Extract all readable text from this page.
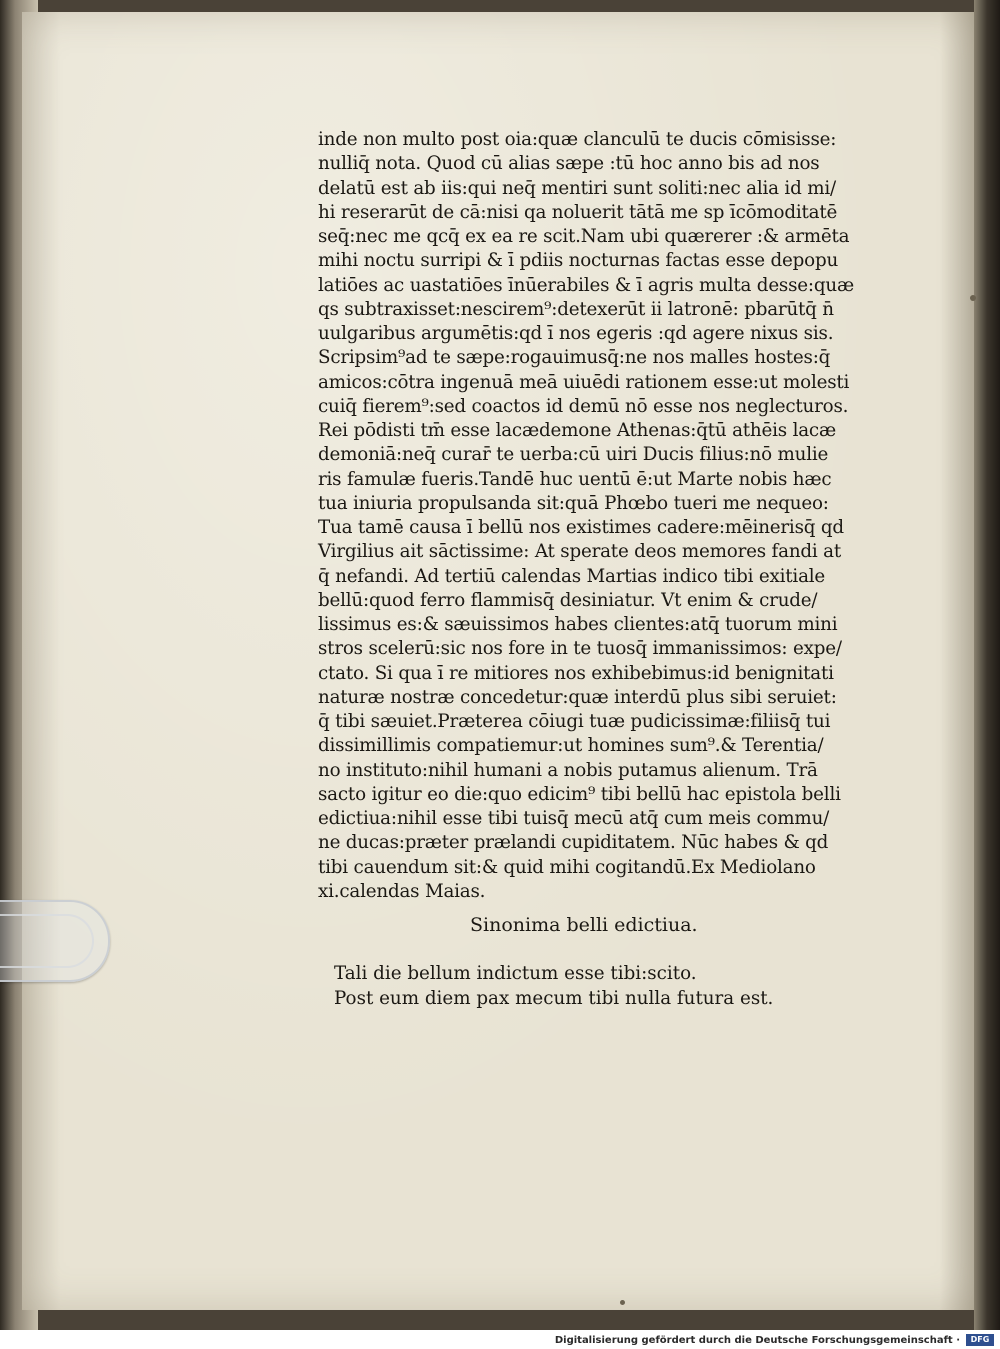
inde non multo post oia:quæ clanculū te ducis cōmisisse:
nulliq̄ nota. Quod cū alias sæpe :tū hoc anno bis ad nos
delatū est ab iis:qui neq̄ mentiri sunt soliti:nec alia id mi/
hi reserarūt de cā:nisi qa noluerit tātā me sp īcōmoditatē
seq̄:nec me qcq̄ ex ea re scit.Nam ubi quærerer :& armēta
mihi noctu surripi & ī pdiis nocturnas factas esse depopu
latiōes ac uastatiōes īnūerabiles & ī agris multa desse:quæ
qs subtraxisset:nescirem⁹:detexerūt ii latronē: pbarūtq̄ n̄
uulgaribus argumētis:qd ī nos egeris :qd agere nixus sis.
Scripsim⁹ad te sæpe:rogauimusq̄:ne nos malles hostes:q̄
amicos:cōtra ingenuā meā uiuēdi rationem esse:ut molesti
cuiq̄ fierem⁹:sed coactos id demū nō esse nos neglecturos.
Rei pōdisti tm̄ esse lacædemone Athenas:q̄tū athēis lacæ
demoniā:neq̄ curar̄ te uerba:cū uiri Ducis filius:nō mulie
ris famulæ fueris.Tandē huc uentū ē:ut Marte nobis hæc
tua iniuria propulsanda sit:quā Phœbo tueri me nequeo:
Tua tamē causa ī bellū nos existimes cadere:mēinerisq̄ qd
Virgilius ait sāctissime: At sperate deos memores fandi at
q̄ nefandi. Ad tertiū calendas Martias indico tibi exitiale
bellū:quod ferro flammisq̄ desiniatur. Vt enim & crude/
lissimus es:& sæuissimos habes clientes:atq̄ tuorum mini
stros scelerū:sic nos fore in te tuosq̄ immanissimos: expe/
ctato. Si qua ī re mitiores nos exhibebimus:id benignitati
naturæ nostræ concedetur:quæ interdū plus sibi seruiet:
q̄ tibi sæuiet.Præterea cōiugi tuæ pudicissimæ:filiisq̄ tui
dissimillimis compatiemur:ut homines sum⁹.& Terentia/
no instituto:nihil humani a nobis putamus alienum. Trā
sacto igitur eo die:quo edicim⁹ tibi bellū hac epistola belli
edictiua:nihil esse tibi tuisq̄ mecū atq̄ cum meis commu/
ne ducas:præter prælandi cupiditatem. Nūc habes & qd
tibi cauendum sit:& quid mihi cogitandū.Ex Mediolano
xi.calendas Maias.
Sinonima belli edictiua.
Tali die bellum indictum esse tibi:scito.
Post eum diem pax mecum tibi nulla futura est.
Digitalisierung gefördert durch die Deutsche Forschungsgemeinschaft ·	DFG
